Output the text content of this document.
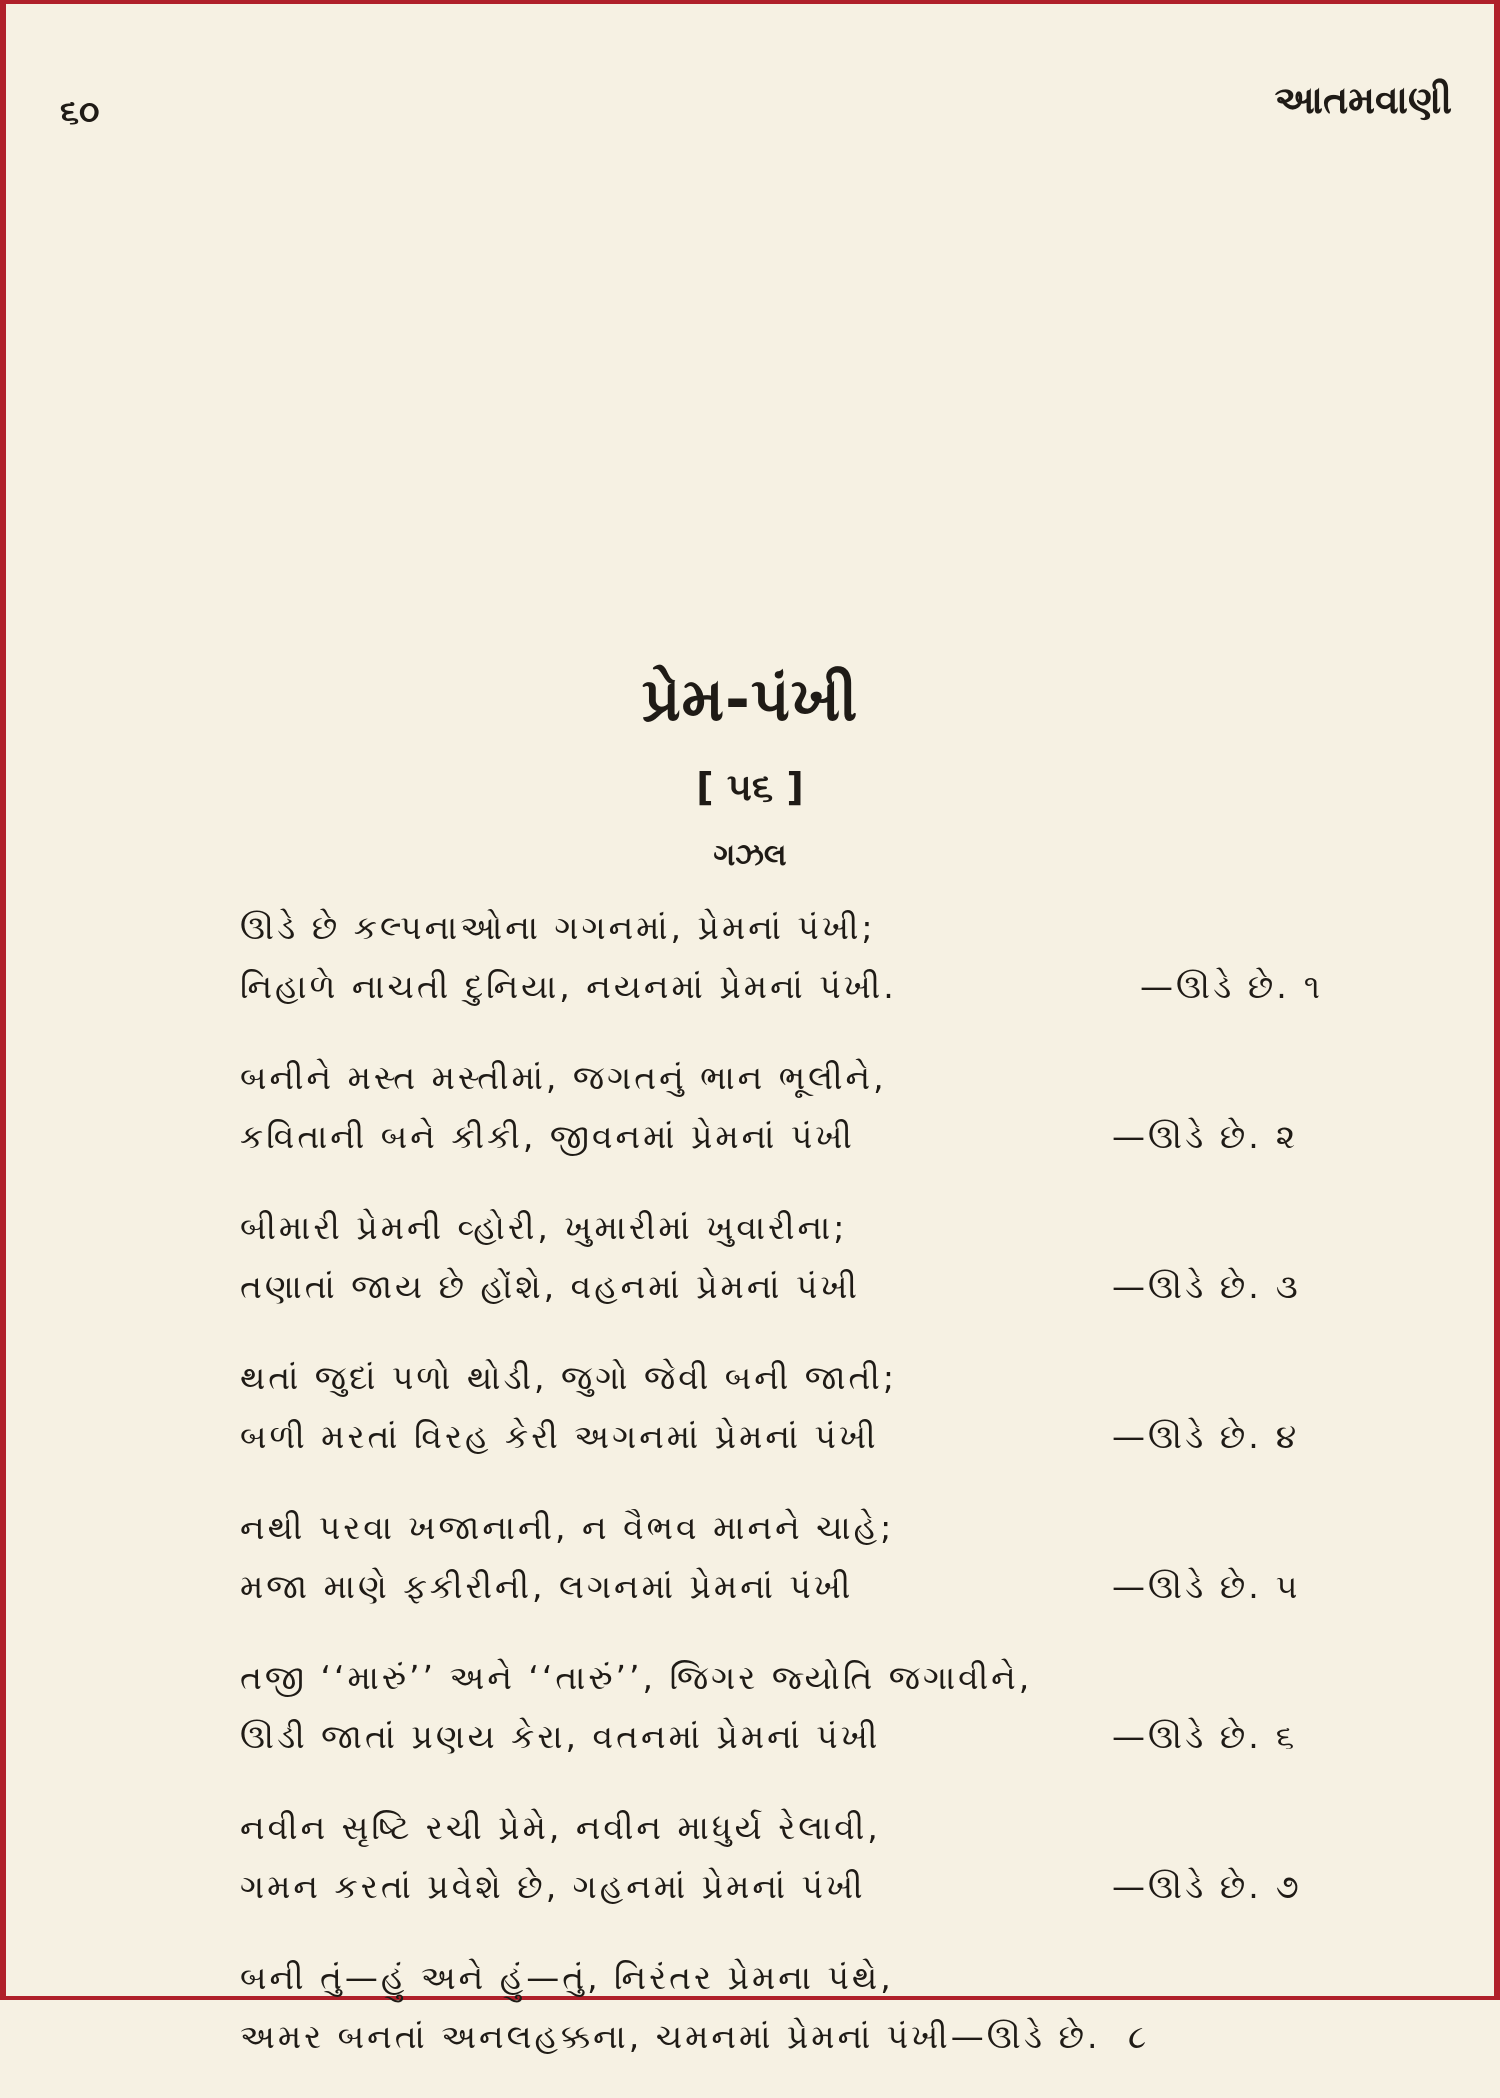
૬૦	આતમવાણી
પ્રેમ-પંખી
[ ૫૬ ]
ગઝલ
ઊડે છે કલ્પનાઓના ગગનમાં, પ્રેમનાં પંખી;
નિહાળે નાચતી દુનિયા, નયનમાં પ્રેમનાં પંખી.	—ઊડે છે. ૧
બનીને મસ્ત મસ્તીમાં, જગતનું ભાન ભૂલીને,
કવિતાની બને કીકી, જીવનમાં પ્રેમનાં પંખી	—ઊડે છે. ૨
બીમારી પ્રેમની વ્હોરી, ખુમારીમાં ખુવારીના;
તણાતાં જાય છે હોંશે, વહનમાં પ્રેમનાં પંખી	—ઊડે છે. ૩
થતાં જુદાં પળો થોડી, જુગો જેવી બની જાતી;
બળી મરતાં વિરહ કેરી અગનમાં પ્રેમનાં પંખી	—ઊડે છે. ૪
નથી પરવા ખજાનાની, ન વૈભવ માનને ચાહે;
મજા માણે ફકીરીની, લગનમાં પ્રેમનાં પંખી	—ઊડે છે. ૫
તજી ‘‘મારું’’ અને ‘‘તારું’’, જિગર જ્યોતિ જગાવીને,
ઊડી જાતાં પ્રણય કેરા, વતનમાં પ્રેમનાં પંખી	—ઊડે છે. ૬
નવીન સૃષ્ટિ રચી પ્રેમે, નવીન માધુર્ય રેલાવી,
ગમન કરતાં પ્રવેશે છે, ગહનમાં પ્રેમનાં પંખી	—ઊડે છે. ૭
બની તું—હું અને હું—તું, નિરંતર પ્રેમના પંથે,
અમર બનતાં અનલહક્કના, ચમનમાં પ્રેમનાં પંખી—ઊડે છે. ૮
